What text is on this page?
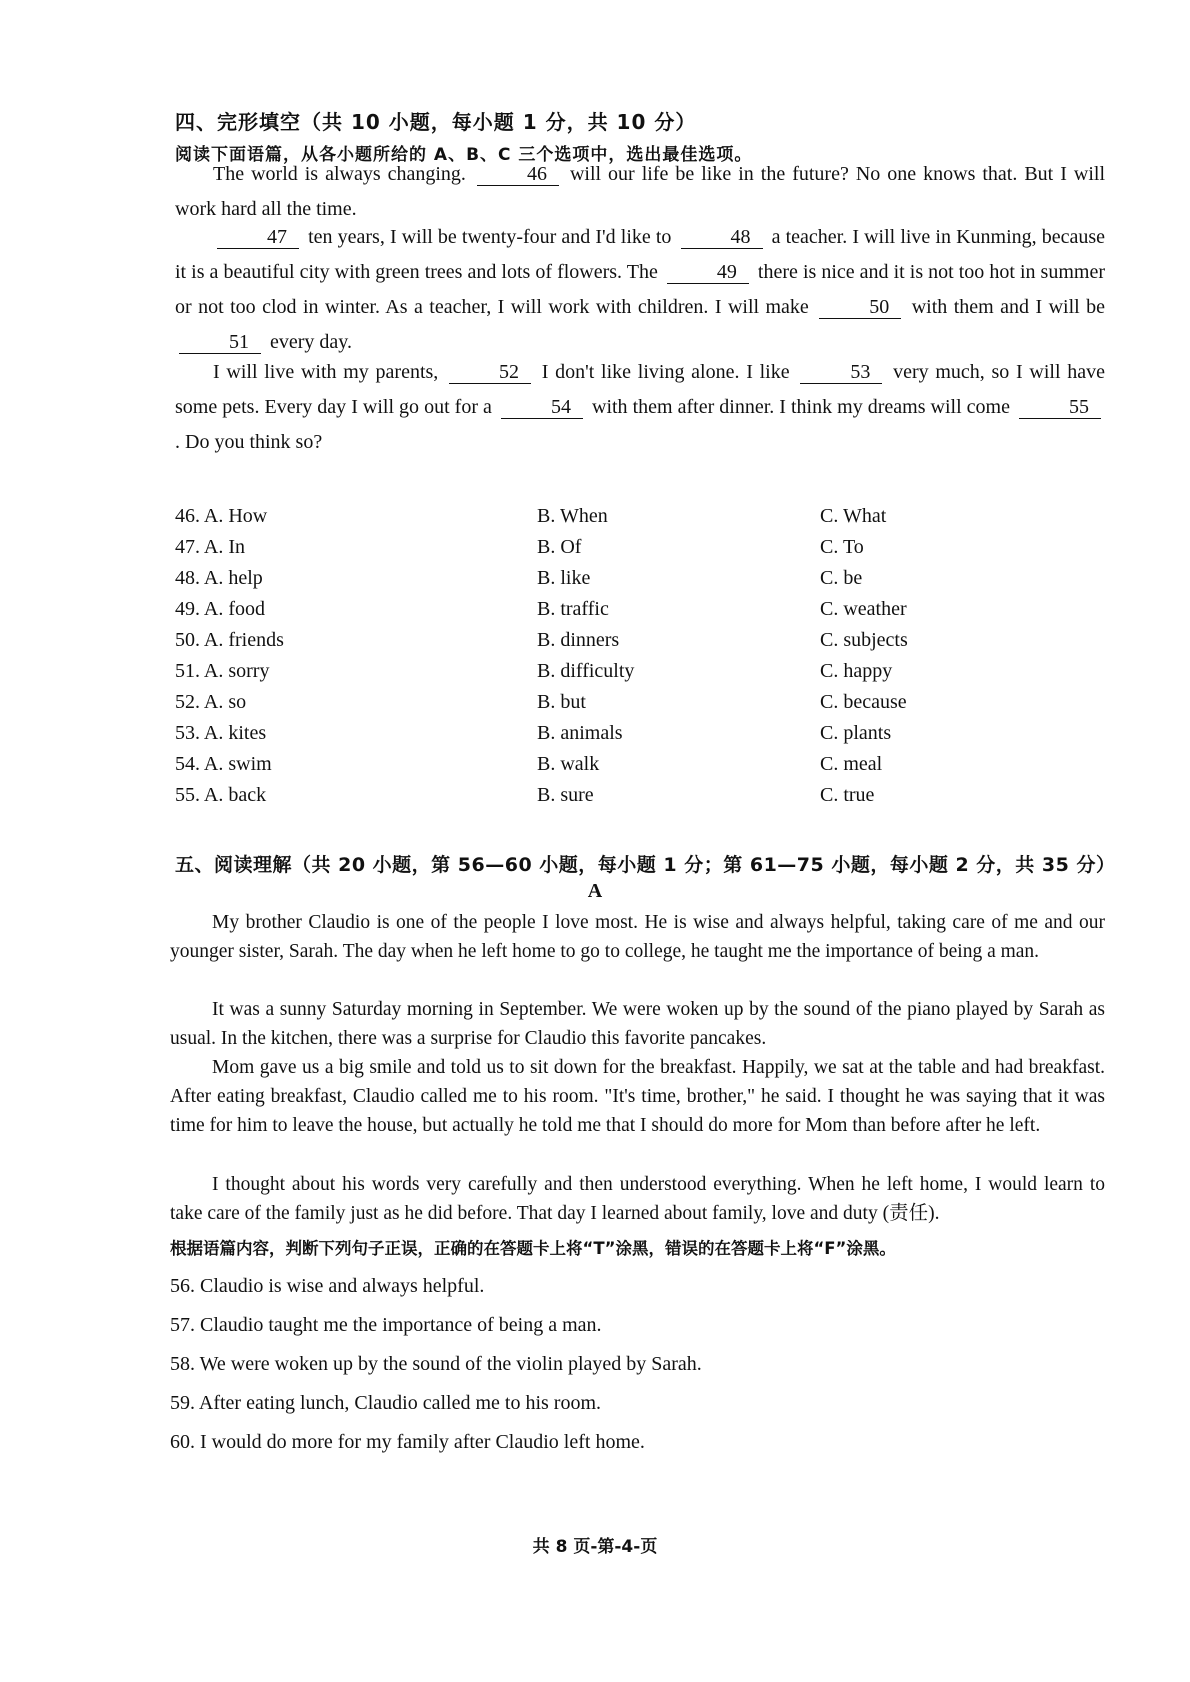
四、完形填空（共 10 小题，每小题 1 分，共 10 分）
阅读下面语篇，从各小题所给的 A、B、C 三个选项中，选出最佳选项。
The world is always changing.	46 will our life be like in the future? No one knows that. But I will work hard all the time.
47 ten years, I will be twenty-four and I'd like to	48 a teacher. I will live in Kunming, because it is a beautiful city with green trees and lots of flowers. The	49 there is nice and it is not too hot in summer or not too clod in winter. As a teacher, I will work with children. I will make	50 with them and I will be 51 every day.
I will live with my parents,	52 I don't like living alone. I like	53 very much, so I will have some pets. Every day I will go out for a	54 with them after dinner. I think my dreams will come	55 . Do you think so?
46. A. How	B. When	C. What
47. A. In	B. Of	C. To
48. A. help	B. like	C. be
49. A. food	B. traffic	C. weather
50. A. friends	B. dinners	C. subjects
51. A. sorry	B. difficulty	C. happy
52. A. so	B. but	C. because
53. A. kites	B. animals	C. plants
54. A. swim	B. walk	C. meal
55. A. back	B. sure	C. true
五、阅读理解（共 20 小题，第 56—60 小题，每小题 1 分；第 61—75 小题，每小题 2 分，共 35 分）
A
My brother Claudio is one of the people I love most. He is wise and always helpful, taking care of me and our younger sister, Sarah. The day when he left home to go to college, he taught me the importance of being a man.
It was a sunny Saturday morning in September. We were woken up by the sound of the piano played by Sarah as usual. In the kitchen, there was a surprise for Claudio this favorite pancakes.
Mom gave us a big smile and told us to sit down for the breakfast. Happily, we sat at the table and had breakfast. After eating breakfast, Claudio called me to his room. "It's time, brother," he said. I thought he was saying that it was time for him to leave the house, but actually he told me that I should do more for Mom than before after he left.
I thought about his words very carefully and then understood everything. When he left home, I would learn to take care of the family just as he did before. That day I learned about family, love and duty (责任).
根据语篇内容，判断下列句子正误，正确的在答题卡上将“T”涂黑，错误的在答题卡上将“F”涂黑。
56. Claudio is wise and always helpful.
57. Claudio taught me the importance of being a man.
58. We were woken up by the sound of the violin played by Sarah.
59. After eating lunch, Claudio called me to his room.
60. I would do more for my family after Claudio left home.
共 8 页-第-4-页
